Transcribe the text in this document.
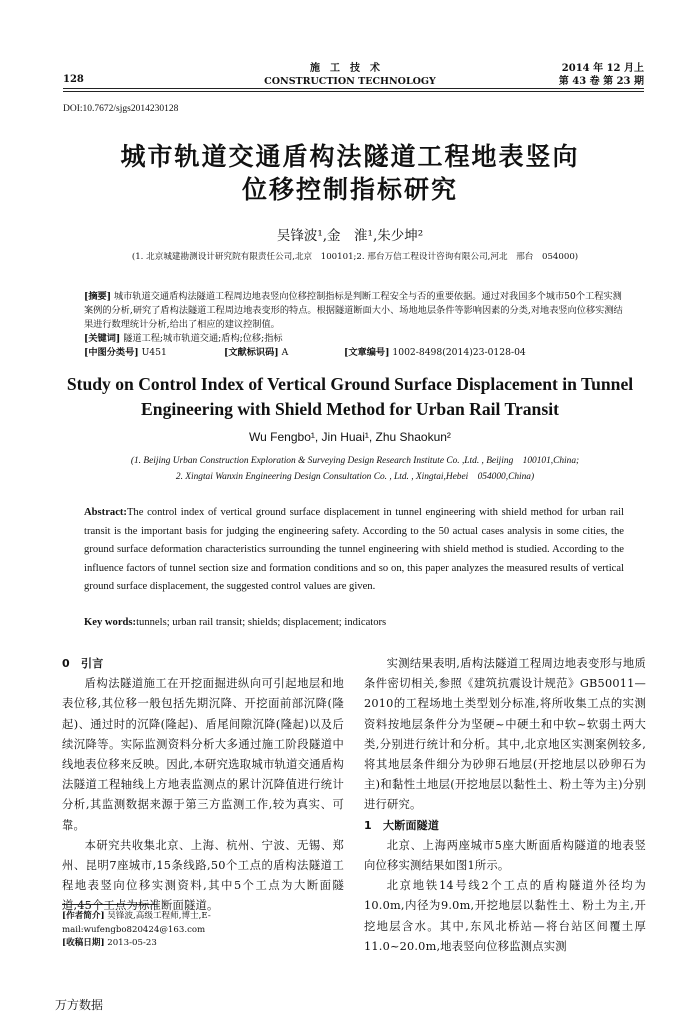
施工技术
CONSTRUCTION TECHNOLOGY
128
2014 年 12 月上
第 43 卷 第 23 期
DOI:10.7672/sjgs2014230128
城市轨道交通盾构法隧道工程地表竖向
位移控制指标研究
吴锋波¹,金　淮¹,朱少坤²
(1. 北京城建勘测设计研究院有限责任公司,北京　100101;2. 邢台万信工程设计咨询有限公司,河北　邢台　054000)
[摘要] 城市轨道交通盾构法隧道工程周边地表竖向位移控制指标是判断工程安全与否的重要依据。通过对我国多个城市50个工程实测案例的分析,研究了盾构法隧道工程周边地表变形的特点。根据隧道断面大小、场地地层条件等影响因素的分类,对地表竖向位移实测结果进行数理统计分析,给出了相应的建议控制值。
[关键词] 隧道工程;城市轨道交通;盾构;位移;指标
[中图分类号] U451	[文献标识码] A	[文章编号] 1002-8498(2014)23-0128-04
Study on Control Index of Vertical Ground Surface Displacement in Tunnel
Engineering with Shield Method for Urban Rail Transit
Wu Fengbo¹, Jin Huai¹, Zhu Shaokun²
(1. Beijing Urban Construction Exploration & Surveying Design Research Institute Co. ,Ltd. , Beijing　100101,China;
2. Xingtai Wanxin Engineering Design Consultation Co. , Ltd. , Xingtai,Hebei　054000,China)
Abstract:The control index of vertical ground surface displacement in tunnel engineering with shield method for urban rail transit is the important basis for judging the engineering safety. According to the 50 actual cases analysis in some cities, the ground surface deformation characteristics surrounding the tunnel engineering with shield method is studied. According to the influence factors of tunnel section size and formation conditions and so on, this paper analyzes the measured results of vertical ground surface displacement, the suggested control values are given.
Key words:tunnels; urban rail transit; shields; displacement; indicators
0　引言

盾构法隧道施工在开挖面掘进纵向可引起地层和地表位移,其位移一般包括先期沉降、开挖面前部沉降(隆起)、通过时的沉降(隆起)、盾尾间隙沉降(隆起)以及后续沉降等。实际监测资料分析大多通过施工阶段隧道中线地表位移来反映。因此,本研究选取城市轨道交通盾构法隧道工程轴线上方地表监测点的累计沉降值进行统计分析,其监测数据来源于第三方监测工作,较为真实、可靠。

本研究共收集北京、上海、杭州、宁波、无锡、郑州、昆明7座城市,15条线路,50个工点的盾构法隧道工程地表竖向位移实测资料,其中5个工点为大断面隧道,45个工点为标准断面隧道。

实测结果表明,盾构法隧道工程周边地表变形与地质条件密切相关,参照《建筑抗震设计规范》GB50011—2010的工程场地土类型划分标准,将所收集工点的实测资料按地层条件分为坚硬~中硬土和中软~软弱土两大类,分别进行统计和分析。其中,北京地区实测案例较多,将其地层条件细分为砂卵石地层(开挖地层以砂卵石为主)和黏性土地层(开挖地层以黏性土、粉土等为主)分别进行研究。

1　大断面隧道

北京、上海两座城市5座大断面盾构隧道的地表竖向位移实测结果如图1所示。

北京地铁14号线2个工点的盾构隧道外径均为10.0m,内径为9.0m,开挖地层以黏性土、粉土为主,开挖地层含水。其中,东风北桥站—将台站区间覆土厚11.0~20.0m,地表竖向位移监测点实测

[作者简介] 吴锋波,高级工程师,博士,E-mail:wufengbo820424@163.com
[收稿日期] 2013-05-23
万方数据
